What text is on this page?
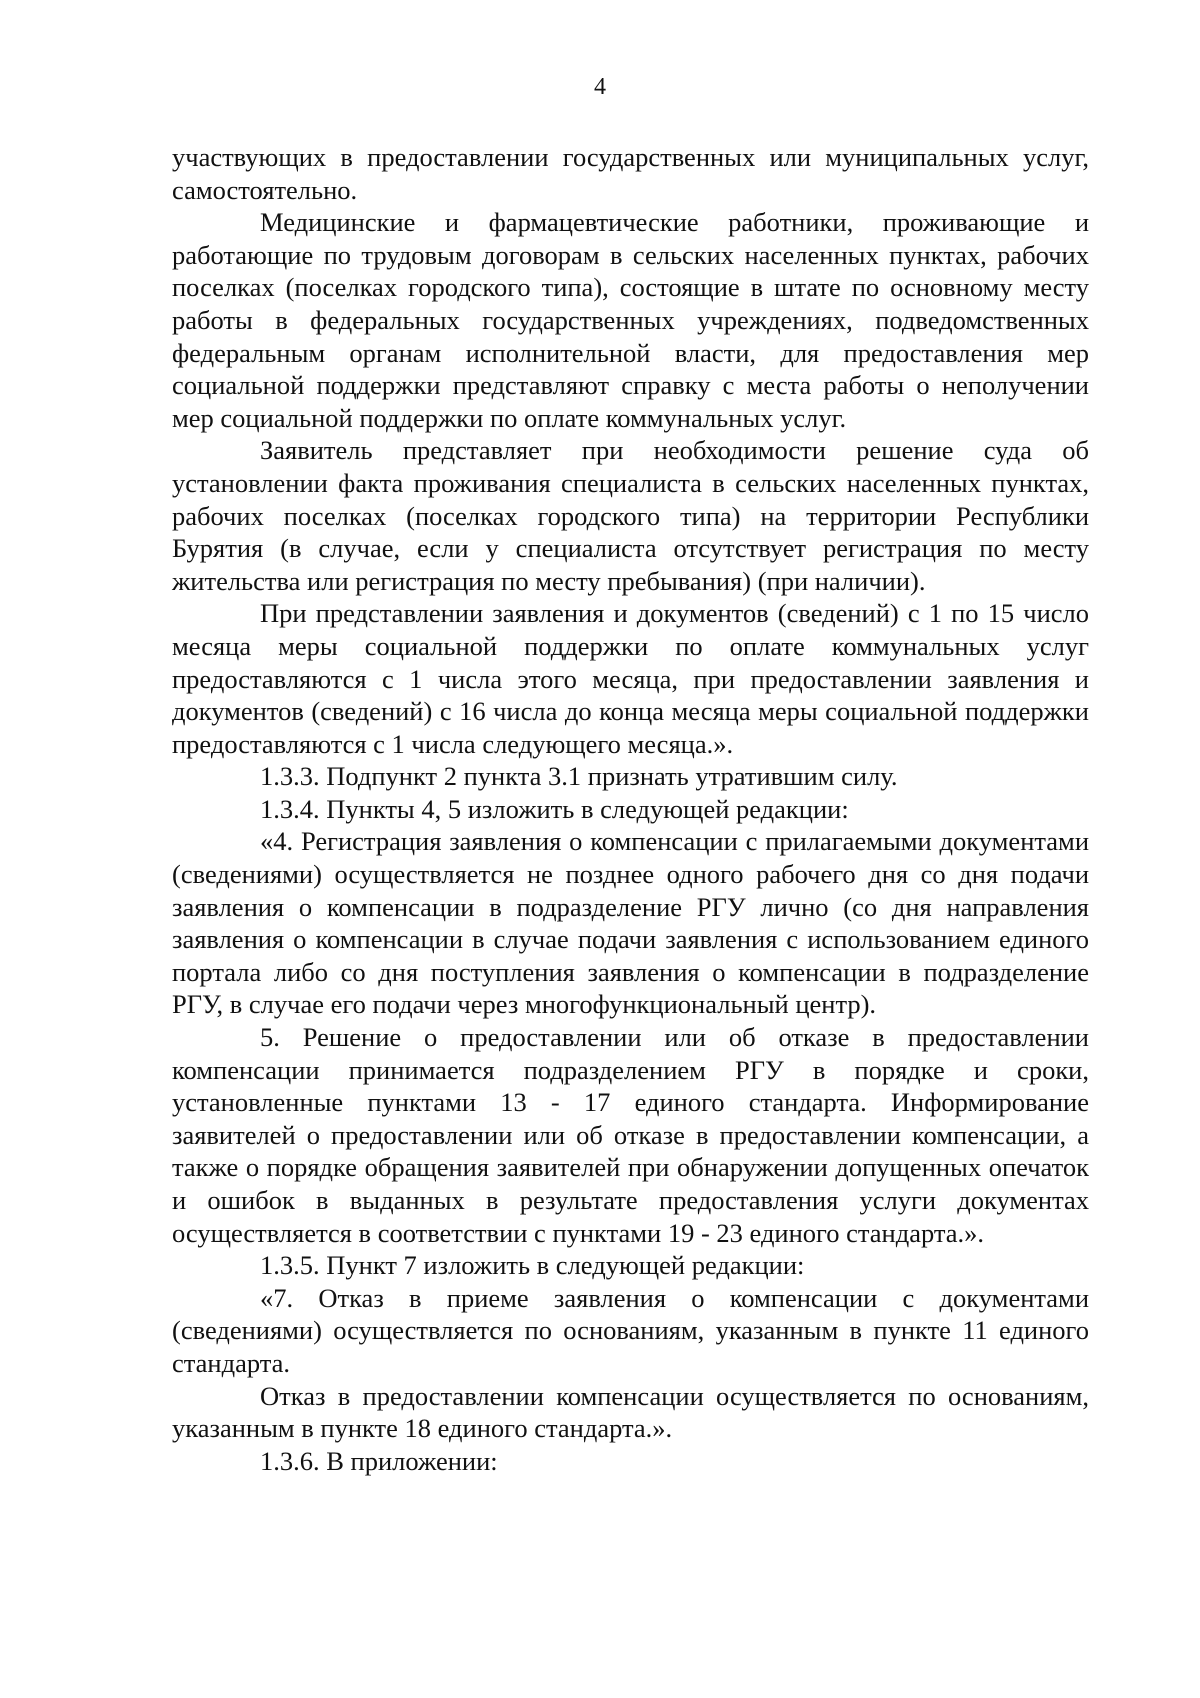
4

участвующих в предоставлении государственных или муниципальных услуг, самостоятельно.

Медицинские и фармацевтические работники, проживающие и работающие по трудовым договорам в сельских населенных пунктах, рабочих поселках (поселках городского типа), состоящие в штате по основному месту работы в федеральных государственных учреждениях, подведомственных федеральным органам исполнительной власти, для предоставления мер социальной поддержки представляют справку с места работы о неполучении мер социальной поддержки по оплате коммунальных услуг.

Заявитель представляет при необходимости решение суда об установлении факта проживания специалиста в сельских населенных пунктах, рабочих поселках (поселках городского типа) на территории Республики Бурятия (в случае, если у специалиста отсутствует регистрация по месту жительства или регистрация по месту пребывания) (при наличии).

При представлении заявления и документов (сведений) с 1 по 15 число месяца меры социальной поддержки по оплате коммунальных услуг предоставляются с 1 числа этого месяца, при предоставлении заявления и документов (сведений) с 16 числа до конца месяца меры социальной поддержки предоставляются с 1 числа следующего месяца.».

1.3.3. Подпункт 2 пункта 3.1 признать утратившим силу.

1.3.4. Пункты 4, 5 изложить в следующей редакции:

«4. Регистрация заявления о компенсации с прилагаемыми документами (сведениями) осуществляется не позднее одного рабочего дня со дня подачи заявления о компенсации в подразделение РГУ лично (со дня направления заявления о компенсации в случае подачи заявления с использованием единого портала либо со дня поступления заявления о компенсации в подразделение РГУ, в случае его подачи через многофункциональный центр).

5. Решение о предоставлении или об отказе в предоставлении компенсации принимается подразделением РГУ в порядке и сроки, установленные пунктами 13 - 17 единого стандарта. Информирование заявителей о предоставлении или об отказе в предоставлении компенсации, а также о порядке обращения заявителей при обнаружении допущенных опечаток и ошибок в выданных в результате предоставления услуги документах осуществляется в соответствии с пунктами 19 - 23 единого стандарта.».

1.3.5. Пункт 7 изложить в следующей редакции:

«7. Отказ в приеме заявления о компенсации с документами (сведениями) осуществляется по основаниям, указанным в пункте 11 единого стандарта.

Отказ в предоставлении компенсации осуществляется по основаниям, указанным в пункте 18 единого стандарта.».

1.3.6. В приложении:
